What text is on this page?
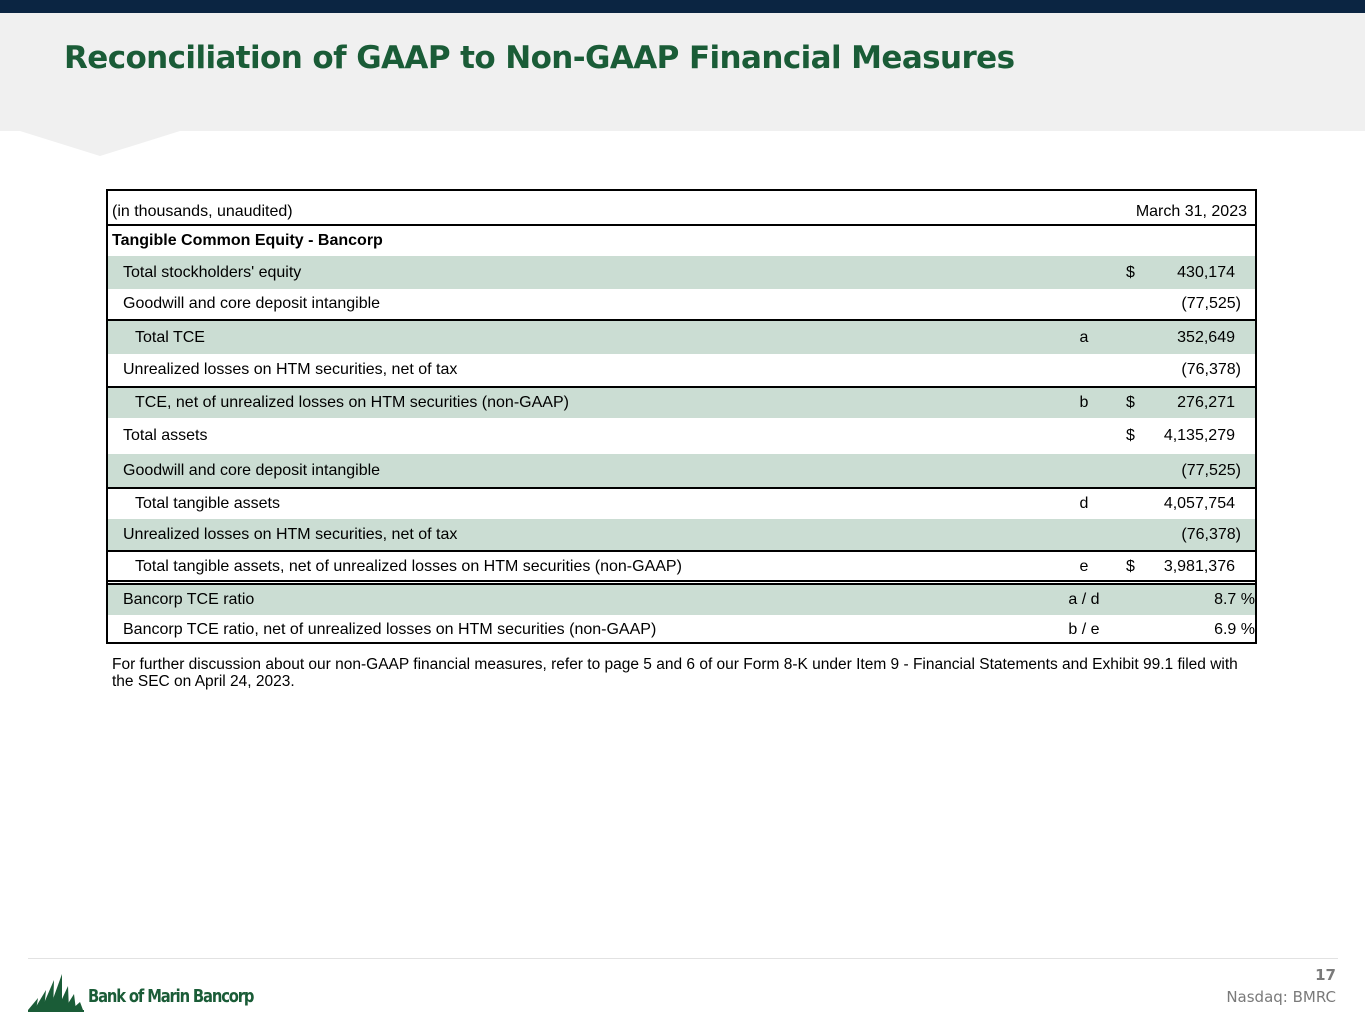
Reconciliation of GAAP to Non-GAAP Financial Measures
(in thousands, unaudited)	March 31, 2023
Tangible Common Equity - Bancorp
Total stockholders' equity	$	430,174
Goodwill and core deposit intangible	(77,525)
Total TCE	a	352,649
Unrealized losses on HTM securities, net of tax	(76,378)
TCE, net of unrealized losses on HTM securities (non-GAAP)	b	$	276,271
Total assets	$ 4,135,279
Goodwill and core deposit intangible	(77,525)
Total tangible assets	d	4,057,754
Unrealized losses on HTM securities, net of tax	(76,378)
Total tangible assets, net of unrealized losses on HTM securities (non-GAAP)	e	$ 3,981,376
Bancorp TCE ratio	a / d	8.7 %
Bancorp TCE ratio, net of unrealized losses on HTM securities (non-GAAP)	b / e	6.9 %
For further discussion about our non-GAAP financial measures, refer to page 5 and 6 of our Form 8-K under Item 9 - Financial Statements and Exhibit 99.1 filed with the SEC on April 24, 2023.
Bank of Marin Bancorp
17
Nasdaq: BMRC
